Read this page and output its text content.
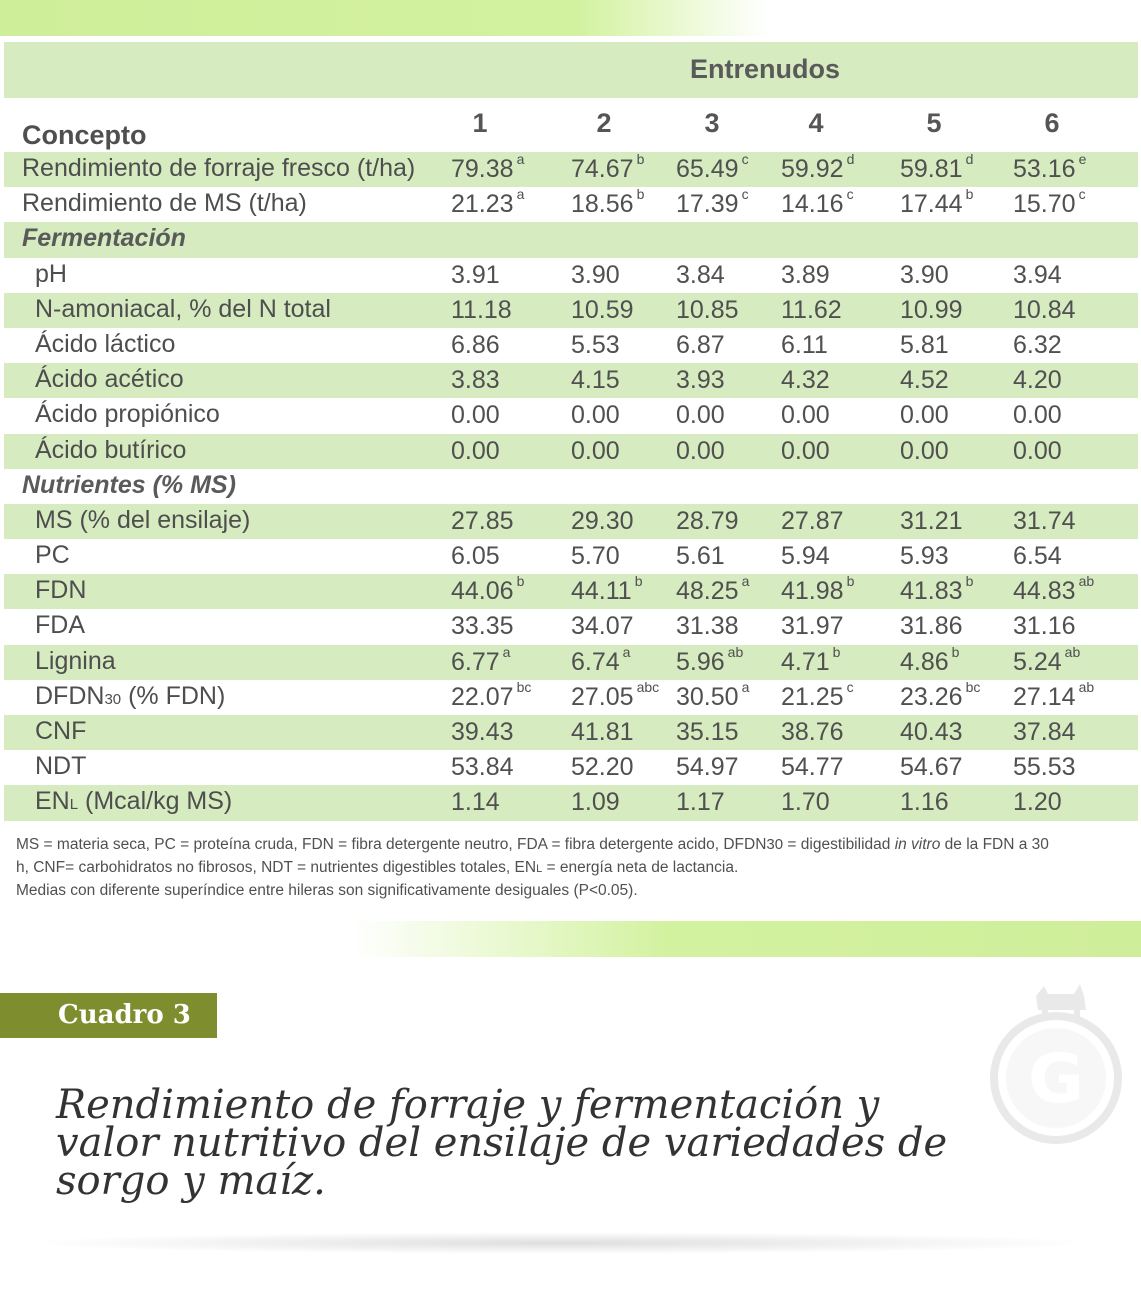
Entrenudos
Concepto	1	2	3	4	5	6
Rendimiento de forraje fresco (t/ha) 79.38 $^a$ 74.67 $^b$ 65.49 $^c$ 59.92 $^d$ 59.81 $^d$ 53.16 $^e$
Rendimiento de MS (t/ha)	21.23 $^a$ 18.56 $^b$ 17.39 $^c$ 14.16 $^c$ 17.44 $^b$ 15.70 $^c$
Fermentación
pH	3.91	3.90 3.84 3.89	3.90	3.94
N-amoniacal, % del N total	11.18 10.59 10.85 11.62 10.99 10.84
Ácido láctico	6.86	5.53 6.87 6.11	5.81	6.32
Ácido acético	3.83	4.15 3.93 4.32	4.52	4.20
Ácido propiónico	0.00	0.00 0.00 0.00	0.00	0.00
Ácido butírico	0.00	0.00 0.00 0.00	0.00	0.00
Nutrientes (% MS)
MS (% del ensilaje)	27.85 29.30 28.79 27.87 31.21 31.74
PC	6.05	5.70 5.61 5.94	5.93	6.54
FDN	44.06 $^b$ 44.11 $^b$ 48.25 $^a$ 41.98 $^b$ 41.83 $^b$ 44.83 $^{ab}$
FDA	33.35 34.07 31.38 31.97 31.86 31.16
Lignina	6.77 $^a$ 6.74 $^a$ 5.96 $^{ab}$ 4.71 $^b$ 4.86 $^b$ 5.24 $^{ab}$
DFDN30 (% FDN)	22.07 $^{bc}$ 27.05 $^{abc}$ 30.50 $^a$ 21.25 $^c$ 23.26 $^{bc}$ 27.14 $^{ab}$
CNF	39.43 41.81 35.15 38.76 40.43 37.84
NDT	53.84 52.20 54.97 54.77 54.67 55.53
ENL (Mcal/kg MS)	1.14	1.09 1.17 1.70	1.16	1.20
MS = materia seca, PC = proteína cruda, FDN = fibra detergente neutro, FDA = fibra detergente acido, DFDN30 = digestibilidad in vitro de la FDN a 30
h, CNF= carbohidratos no fibrosos, NDT = nutrientes digestibles totales, ENL = energía neta de lactancia.
Medias con diferente superíndice entre hileras son significativamente desiguales (P<0.05).
Cuadro 3
G
Rendimiento de forraje y fermentación y valor nutritivo del ensilaje de variedades de sorgo y maíz.
